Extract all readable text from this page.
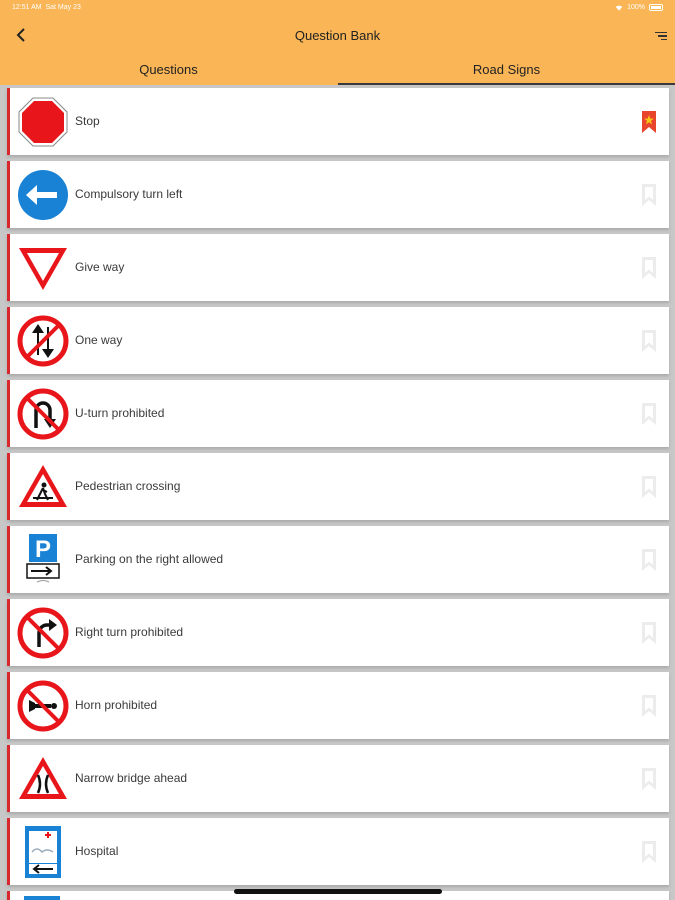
12:51 AM Sat May 23	100%
Question Bank
Questions	Road Signs
Stop
Compulsory turn left
Give way
One way
U-turn prohibited
Pedestrian crossing
P Parking on the right allowed
Right turn prohibited
Horn prohibited
Narrow bridge ahead
Hospital
